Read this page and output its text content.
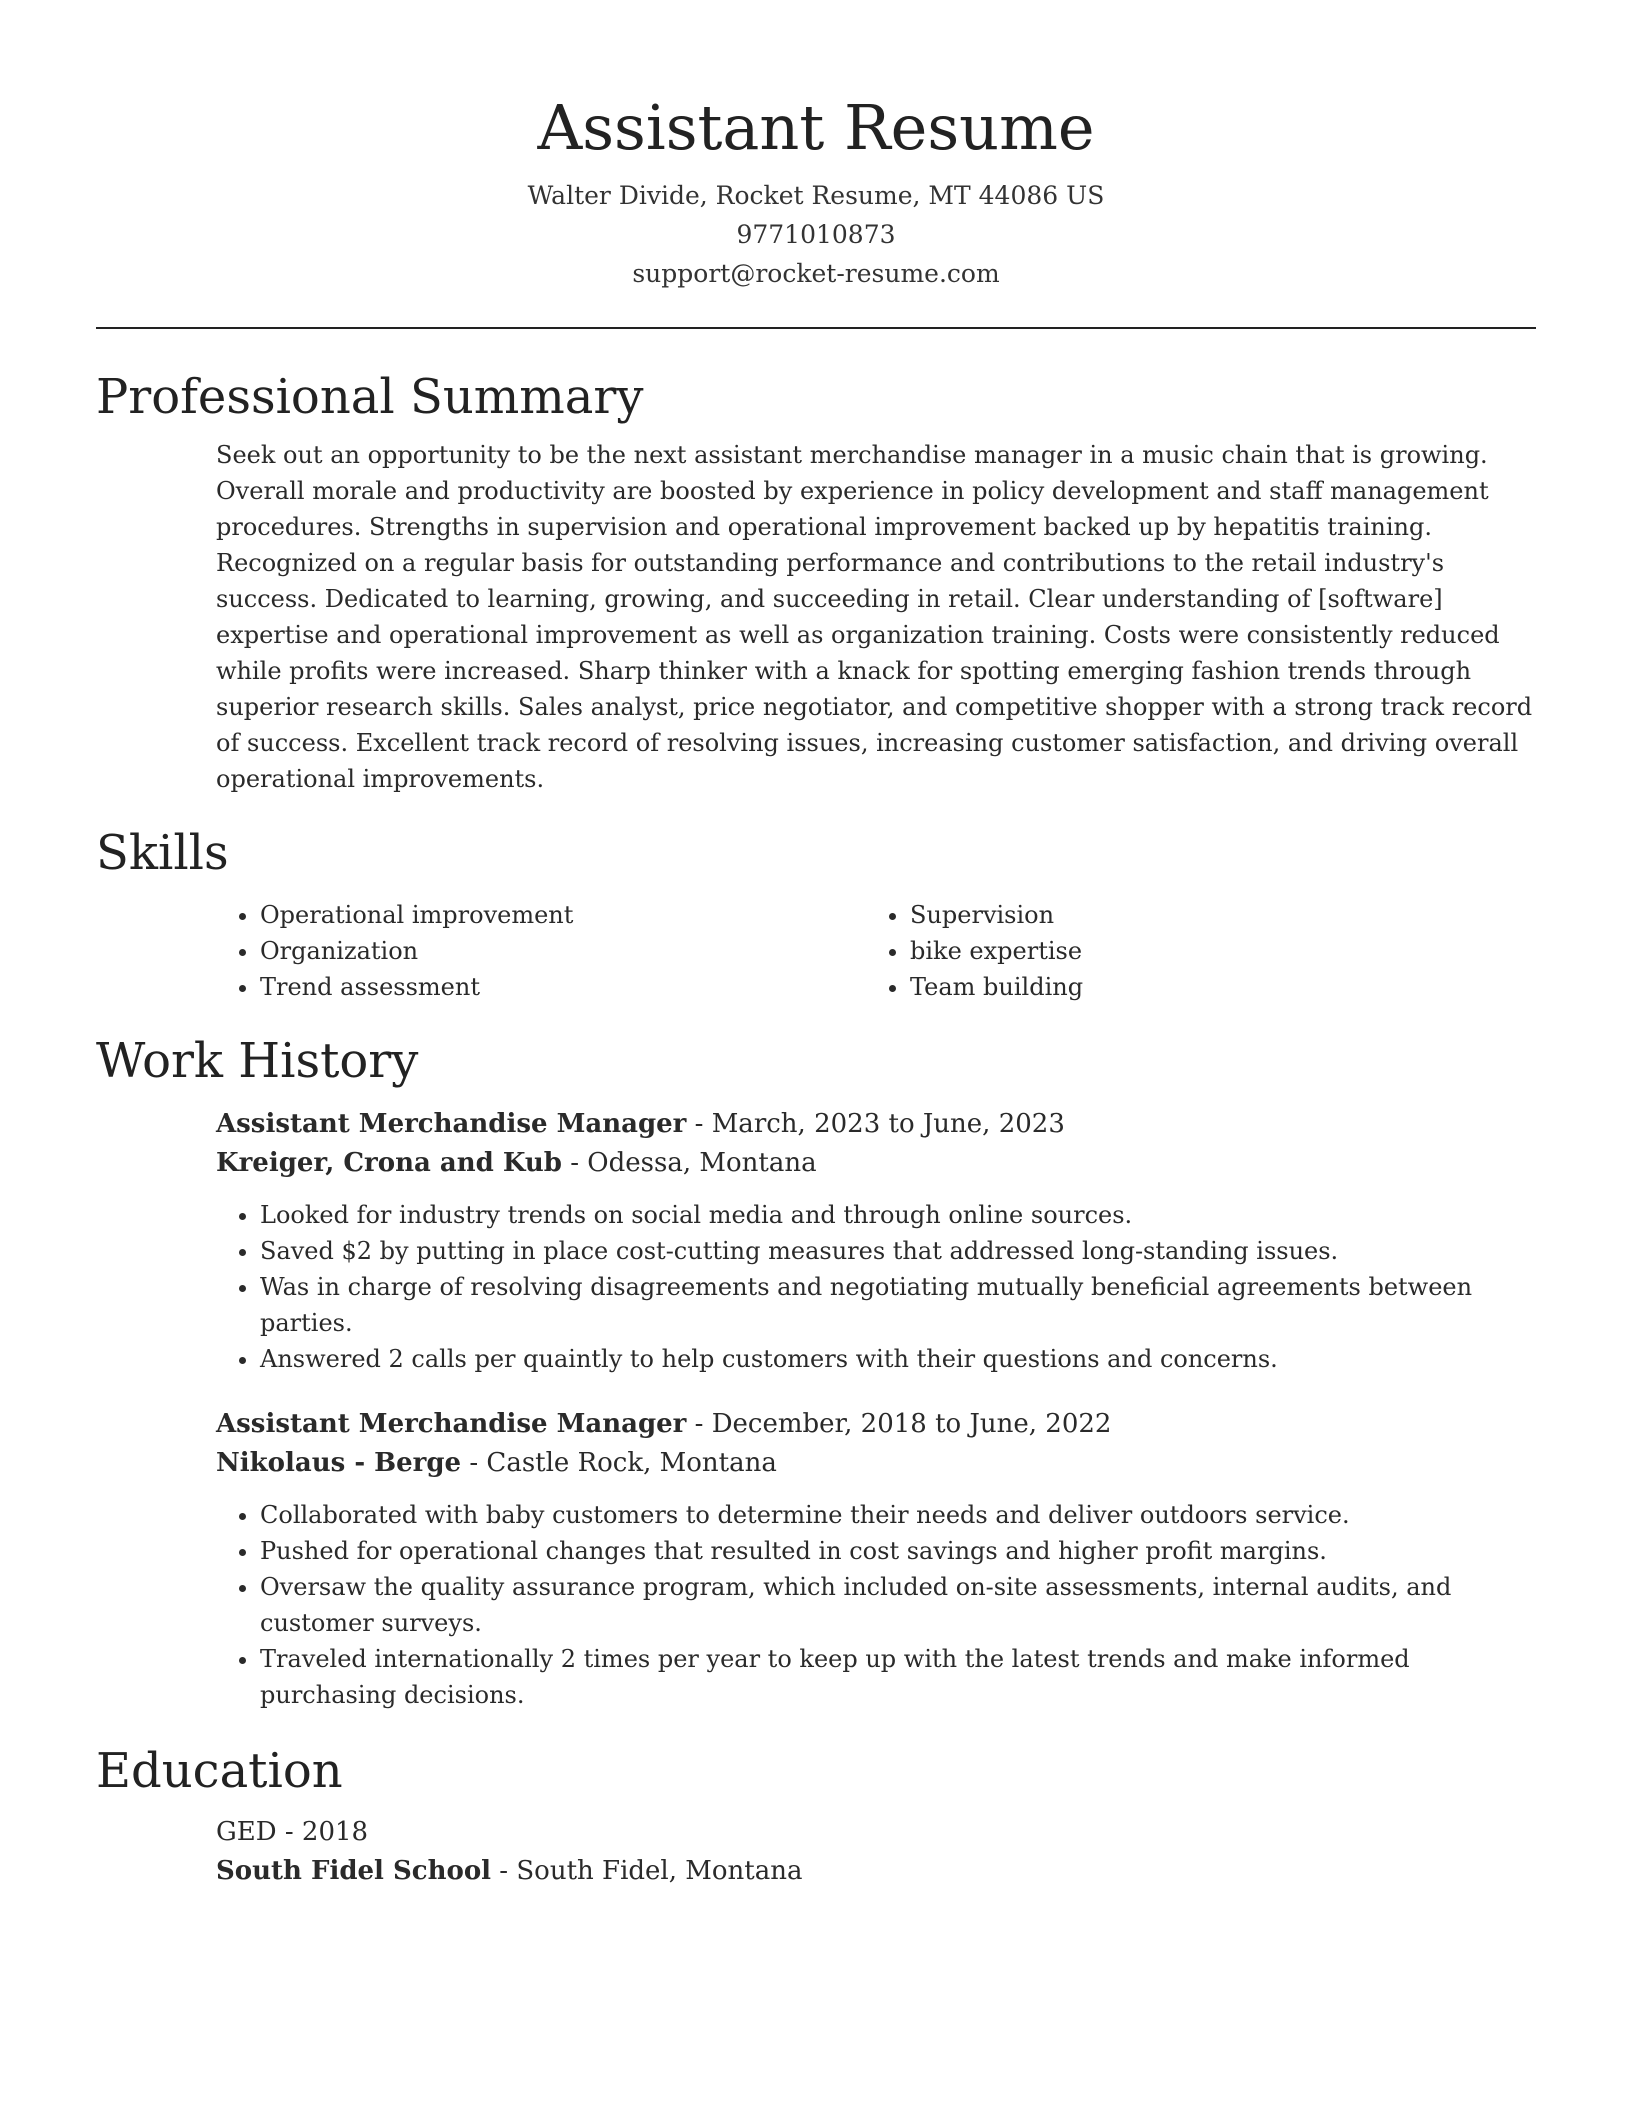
Assistant Resume
Walter Divide, Rocket Resume, MT 44086 US
9771010873
support@rocket-resume.com
Professional Summary
Seek out an opportunity to be the next assistant merchandise manager in a music chain that is growing. Overall morale and productivity are boosted by experience in policy development and staff management procedures. Strengths in supervision and operational improvement backed up by hepatitis training. Recognized on a regular basis for outstanding performance and contributions to the retail industry's success. Dedicated to learning, growing, and succeeding in retail. Clear understanding of [software] expertise and operational improvement as well as organization training. Costs were consistently reduced while profits were increased. Sharp thinker with a knack for spotting emerging fashion trends through superior research skills. Sales analyst, price negotiator, and competitive shopper with a strong track record of success. Excellent track record of resolving issues, increasing customer satisfaction, and driving overall operational improvements.
Skills
• Operational improvement
• Organization
• Trend assessment
• Supervision
• bike expertise
• Team building
Work History
Assistant Merchandise Manager - March, 2023 to June, 2023
Kreiger, Crona and Kub - Odessa, Montana
• Looked for industry trends on social media and through online sources.
• Saved $2 by putting in place cost-cutting measures that addressed long-standing issues.
• Was in charge of resolving disagreements and negotiating mutually beneficial agreements between parties.
• Answered 2 calls per quaintly to help customers with their questions and concerns.
Assistant Merchandise Manager - December, 2018 to June, 2022
Nikolaus - Berge - Castle Rock, Montana
• Collaborated with baby customers to determine their needs and deliver outdoors service.
• Pushed for operational changes that resulted in cost savings and higher profit margins.
• Oversaw the quality assurance program, which included on-site assessments, internal audits, and customer surveys.
• Traveled internationally 2 times per year to keep up with the latest trends and make informed purchasing decisions.
Education
GED - 2018
South Fidel School - South Fidel, Montana
